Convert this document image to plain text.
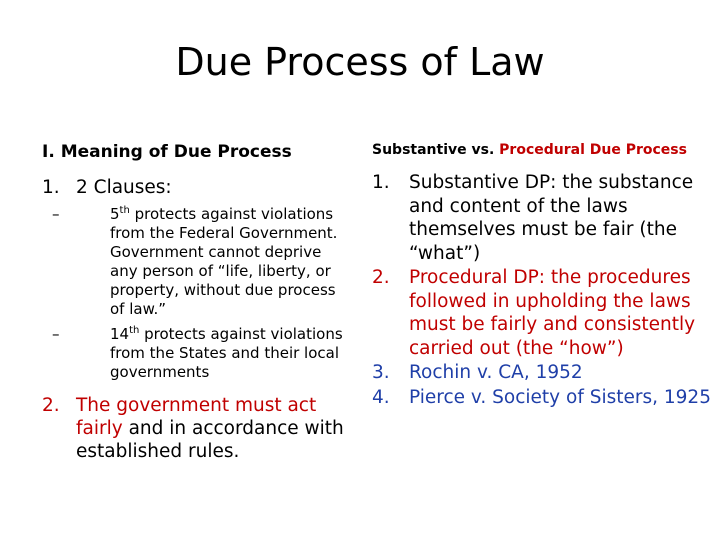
Due Process of Law
I. Meaning of Due Process
1. 2 Clauses:
–	5th protects against violations from the Federal Government. Government cannot deprive any person of “life, liberty, or property, without due process of law.”
–	14th protects against violations from the States and their local governments
2. The government must act fairly and in accordance with established rules.
Substantive vs. Procedural Due Process
1.	Substantive DP: the substance and content of the laws themselves must be fair (the “what”)
2.	Procedural DP: the procedures followed in upholding the laws must be fairly and consistently carried out (the “how”)
3.	Rochin v. CA, 1952
4.	Pierce v. Society of Sisters, 1925
